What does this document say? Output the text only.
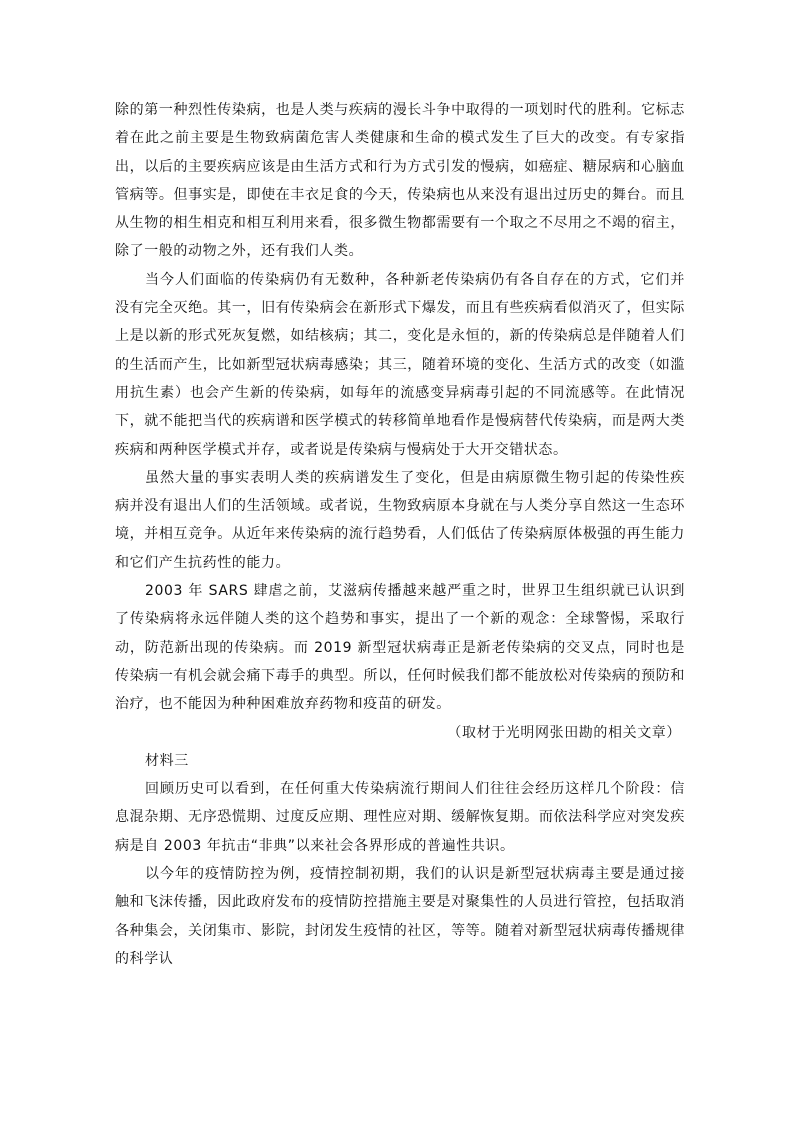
除的第一种烈性传染病，也是人类与疾病的漫长斗争中取得的一项划时代的胜利。它标志着在此之前主要是生物致病菌危害人类健康和生命的模式发生了巨大的改变。有专家指出，以后的主要疾病应该是由生活方式和行为方式引发的慢病，如癌症、糖尿病和心脑血管病等。但事实是，即使在丰衣足食的今天，传染病也从来没有退出过历史的舞台。而且从生物的相生相克和相互利用来看，很多微生物都需要有一个取之不尽用之不竭的宿主，除了一般的动物之外，还有我们人类。

当今人们面临的传染病仍有无数种，各种新老传染病仍有各自存在的方式，它们并没有完全灭绝。其一，旧有传染病会在新形式下爆发，而且有些疾病看似消灭了，但实际上是以新的形式死灰复燃，如结核病；其二，变化是永恒的，新的传染病总是伴随着人们的生活而产生，比如新型冠状病毒感染；其三，随着环境的变化、生活方式的改变（如滥用抗生素）也会产生新的传染病，如每年的流感变异病毒引起的不同流感等。在此情况下，就不能把当代的疾病谱和医学模式的转移简单地看作是慢病替代传染病，而是两大类疾病和两种医学模式并存，或者说是传染病与慢病处于大开交错状态。

虽然大量的事实表明人类的疾病谱发生了变化，但是由病原微生物引起的传染性疾病并没有退出人们的生活领域。或者说，生物致病原本身就在与人类分享自然这一生态环境，并相互竞争。从近年来传染病的流行趋势看，人们低估了传染病原体极强的再生能力和它们产生抗药性的能力。

2003 年 SARS 肆虐之前，艾滋病传播越来越严重之时，世界卫生组织就已认识到了传染病将永远伴随人类的这个趋势和事实，提出了一个新的观念：全球警惕，采取行动，防范新出现的传染病。而 2019 新型冠状病毒正是新老传染病的交叉点，同时也是传染病一有机会就会痛下毒手的典型。所以，任何时候我们都不能放松对传染病的预防和治疗，也不能因为种种困难放弃药物和疫苗的研发。

（取材于光明网张田勘的相关文章）

材料三

回顾历史可以看到，在任何重大传染病流行期间人们往往会经历这样几个阶段：信息混杂期、无序恐慌期、过度反应期、理性应对期、缓解恢复期。而依法科学应对突发疾病是自 2003 年抗击“非典”以来社会各界形成的普遍性共识。

以今年的疫情防控为例，疫情控制初期，我们的认识是新型冠状病毒主要是通过接触和飞沫传播，因此政府发布的疫情防控措施主要是对聚集性的人员进行管控，包括取消各种集会，关闭集市、影院，封闭发生疫情的社区，等等。随着对新型冠状病毒传播规律的科学认
